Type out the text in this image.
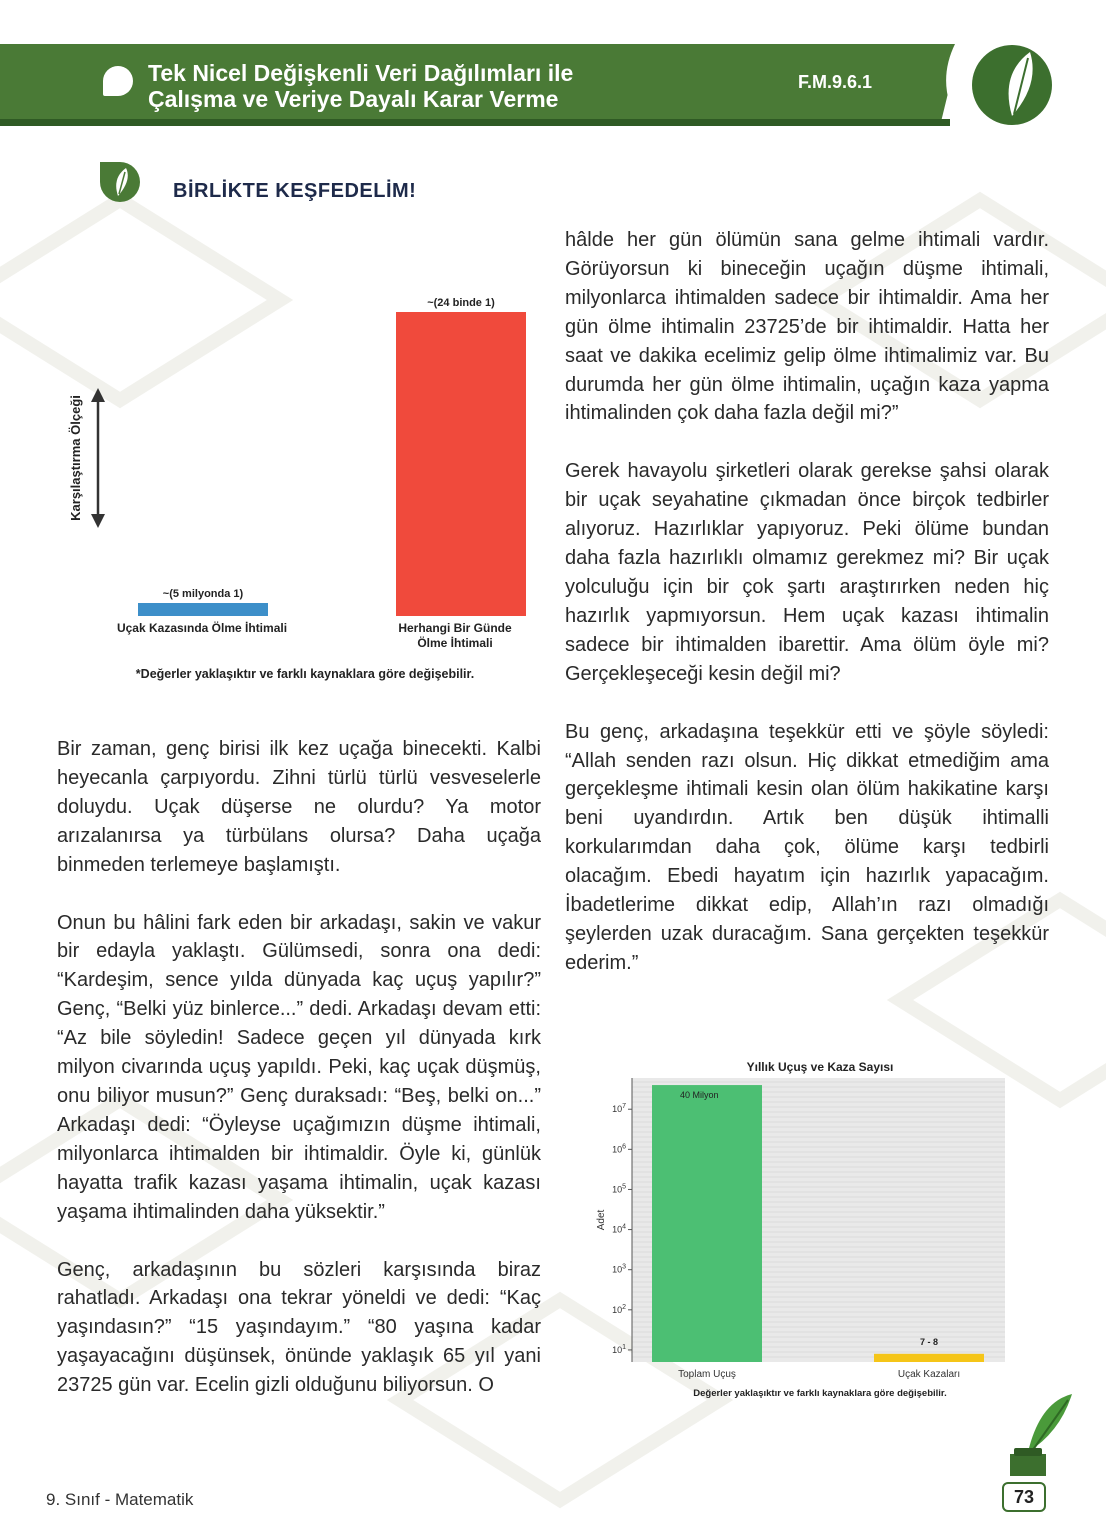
Tek Nicel Değişkenli Veri Dağılımları ile
Çalışma ve Veriye Dayalı Karar Verme
F.M.9.6.1
BİRLİKTE KEŞFEDELİM!
Karşılaştırma Ölçeği
~(5 milyonda 1)
~(24 binde 1)
Uçak Kazasında Ölme İhtimali	Herhangi Bir Günde Ölme İhtimali
*Değerler yaklaşıktır ve farklı kaynaklara göre değişebilir.
Yıllık Uçuş ve Kaza Sayısı
$10^7$
$10^6$
$10^5$
$10^4$
$10^3$
$10^2$
$10^1$
Adet
40 Milyon
7 - 8
Toplam Uçuş	Uçak Kazaları
Değerler yaklaşıktır ve farklı kaynaklara göre değişebilir.

Bir zaman, genç birisi ilk kez uçağa binecekti. Kalbi heyecanla çarpıyordu. Zihni türlü türlü vesveselerle doluydu. Uçak düşerse ne olurdu? Ya motor arızalanırsa ya türbülans olursa? Daha uçağa binmeden terlemeye başlamıştı.

Onun bu hâlini fark eden bir arkadaşı, sakin ve vakur bir edayla yaklaştı. Gülümsedi, sonra ona dedi: “Kardeşim, sence yılda dünyada kaç uçuş yapılır?” Genç, “Belki yüz binlerce...” dedi. Arkadaşı devam etti: “Az bile söyledin! Sadece geçen yıl dünyada kırk milyon civarında uçuş yapıldı. Peki, kaç uçak düşmüş, onu biliyor musun?” Genç duraksadı: “Beş, belki on...” Arkadaşı dedi: “Öyleyse uçağımızın düşme ihtimali, milyonlarca ihtimalden bir ihtimaldir. Öyle ki, günlük hayatta trafik kazası yaşama ihtimalin, uçak kazası yaşama ihtimalinden daha yüksektir.”

Genç, arkadaşının bu sözleri karşısında biraz rahatladı. Arkadaşı ona tekrar yöneldi ve dedi: “Kaç yaşındasın?” “15 yaşındayım.” “80 yaşına kadar yaşayacağını düşünsek, önünde yaklaşık 65 yıl yani 23725 gün var. Ecelin gizli olduğunu biliyorsun. O

hâlde her gün ölümün sana gelme ihtimali vardır. Görüyorsun ki bineceğin uçağın düşme ihtimali, milyonlarca ihtimalden sadece bir ihtimaldir. Ama her gün ölme ihtimalin 23725’de bir ihtimaldir. Hatta her saat ve dakika ecelimiz gelip ölme ihtimalimiz var. Bu durumda her gün ölme ihtimalin, uçağın kaza yapma ihtimalinden çok daha fazla değil mi?”

Gerek havayolu şirketleri olarak gerekse şahsi olarak bir uçak seyahatine çıkmadan önce birçok tedbirler alıyoruz. Hazırlıklar yapıyoruz. Peki ölüme bundan daha fazla hazırlıklı olmamız gerekmez mi? Bir uçak yolculuğu için bir çok şartı araştırırken neden hiç hazırlık yapmıyorsun. Hem uçak kazası ihtimalin sadece bir ihtimalden ibarettir. Ama ölüm öyle mi? Gerçekleşeceği kesin değil mi?

Bu genç, arkadaşına teşekkür etti ve şöyle söyledi: “Allah senden razı olsun. Hiç dikkat etmediğim ama gerçekleşme ihtimali kesin olan ölüm hakikatine karşı beni uyandırdın. Artık ben düşük ihtimalli korkularımdan daha çok, ölüme karşı tedbirli olacağım. Ebedi hayatım için hazırlık yapacağım. İbadetlerime dikkat edip, Allah’ın razı olmadığı şeylerden uzak duracağım. Sana gerçekten teşekkür ederim.”

9. Sınıf - Matematik	73
